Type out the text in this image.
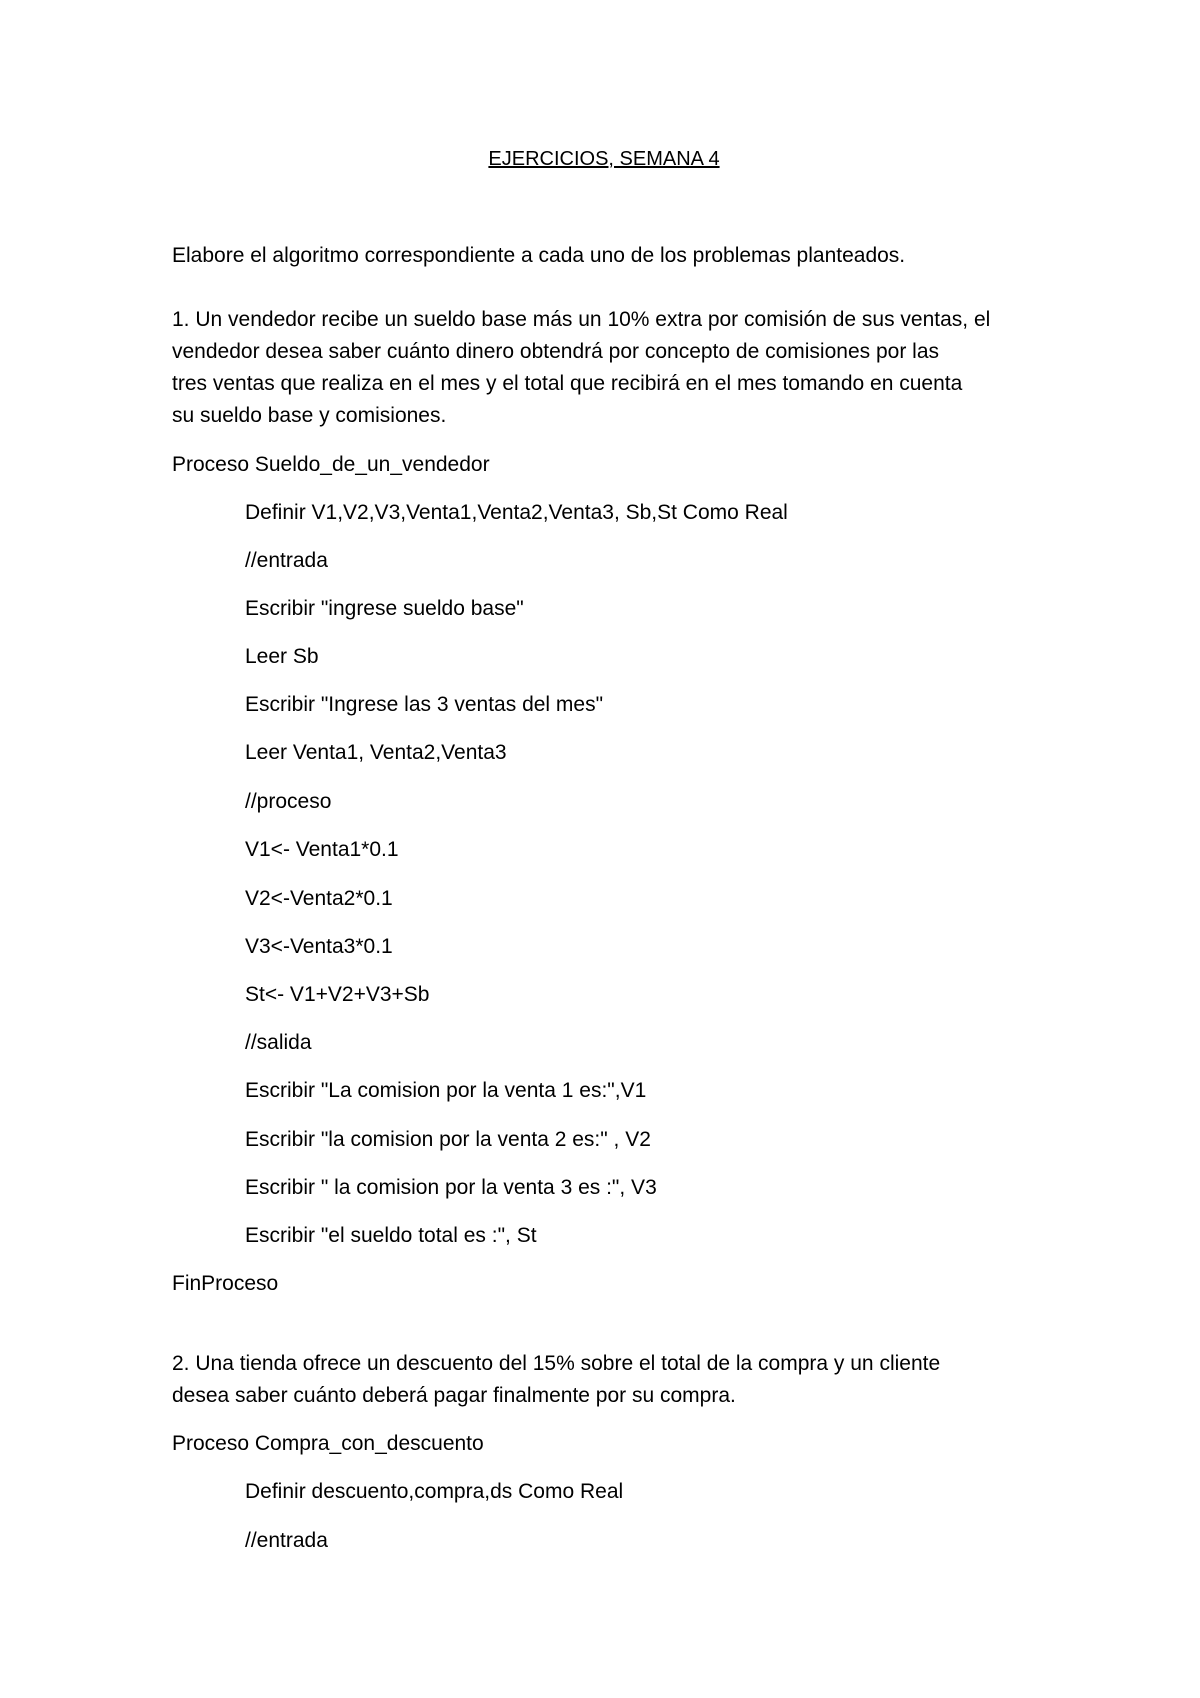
EJERCICIOS, SEMANA 4
Elabore el algoritmo correspondiente a cada uno de los problemas planteados.
1. Un vendedor recibe un sueldo base más un 10% extra por comisión de sus ventas, el
vendedor desea saber cuánto dinero obtendrá por concepto de comisiones por las
tres ventas que realiza en el mes y el total que recibirá en el mes tomando en cuenta
su sueldo base y comisiones.
Proceso Sueldo_de_un_vendedor
Definir V1,V2,V3,Venta1,Venta2,Venta3, Sb,St Como Real
//entrada
Escribir "ingrese sueldo base"
Leer Sb
Escribir "Ingrese las 3 ventas del mes"
Leer Venta1, Venta2,Venta3
//proceso
V1<- Venta1*0.1
V2<-Venta2*0.1
V3<-Venta3*0.1
St<- V1+V2+V3+Sb
//salida
Escribir "La comision por la venta 1 es:",V1
Escribir "la comision por la venta 2 es:" , V2
Escribir " la comision por la venta 3 es :", V3
Escribir "el sueldo total es :", St
FinProceso
2. Una tienda ofrece un descuento del 15% sobre el total de la compra y un cliente
desea saber cuánto deberá pagar finalmente por su compra.
Proceso Compra_con_descuento
Definir descuento,compra,ds Como Real
//entrada
